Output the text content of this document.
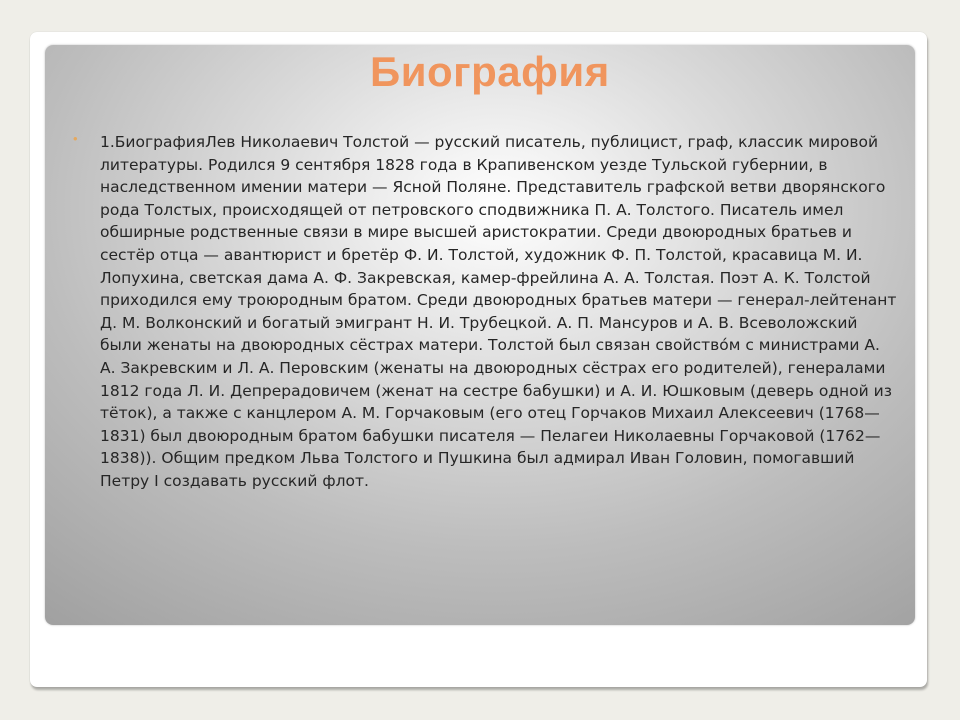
Биография
• 1.БиографияЛев Николаевич Толстой — русский писатель, публицист, граф, классик мировой литературы. Родился 9 сентября 1828 года в Крапивенском уезде Тульской губернии, в наследственном имении матери — Ясной Поляне. Представитель графской ветви дворянского рода Толстых, происходящей от петровского сподвижника П. А. Толстого. Писатель имел обширные родственные связи в мире высшей аристократии. Среди двоюродных братьев и сестёр отца — авантюрист и бретёр Ф. И. Толстой, художник Ф. П. Толстой, красавица М. И. Лопухина, светская дама А. Ф. Закревская, камер-фрейлина А. А. Толстая. Поэт А. К. Толстой приходился ему троюродным братом. Среди двоюродных братьев матери — генерал-лейтенант Д. М. Волконский и богатый эмигрант Н. И. Трубецкой. А. П. Мансуров и А. В. Всеволожский были женаты на двоюродных сёстрах матери. Толстой был связан свойство́м с министрами А. А. Закревским и Л. А. Перовским (женаты на двоюродных сёстрах его родителей), генералами 1812 года Л. И. Депрерадовичем (женат на сестре бабушки) и А. И. Юшковым (деверь одной из тёток), а также с канцлером А. М. Горчаковым (его отец Горчаков Михаил Алексеевич (1768—1831) был двоюродным братом бабушки писателя — Пелагеи Николаевны Горчаковой (1762—1838)). Общим предком Льва Толстого и Пушкина был адмирал Иван Головин, помогавший Петру I создавать русский флот.
